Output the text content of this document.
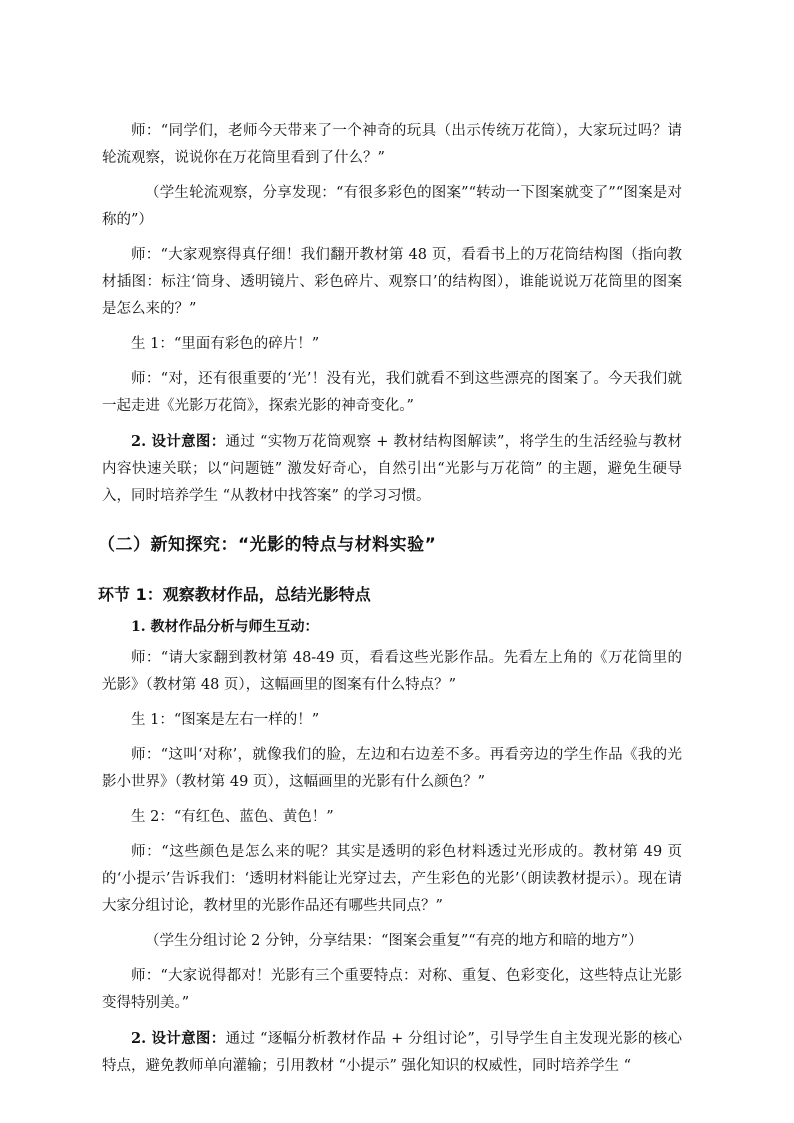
师：“同学们，老师今天带来了一个神奇的玩具（出示传统万花筒），大家玩过吗？请轮流观察，说说你在万花筒里看到了什么？”

（学生轮流观察，分享发现：“有很多彩色的图案”“转动一下图案就变了”“图案是对称的”）

师：“大家观察得真仔细！我们翻开教材第 48 页，看看书上的万花筒结构图（指向教材插图：标注‘筒身、透明镜片、彩色碎片、观察口’的结构图），谁能说说万花筒里的图案是怎么来的？”

生 1：“里面有彩色的碎片！”

师：“对，还有很重要的‘光’！没有光，我们就看不到这些漂亮的图案了。今天我们就一起走进《光影万花筒》，探索光影的神奇变化。”

2. 设计意图：通过 “实物万花筒观察 + 教材结构图解读”，将学生的生活经验与教材内容快速关联；以“问题链” 激发好奇心，自然引出“光影与万花筒” 的主题，避免生硬导入，同时培养学生 “从教材中找答案” 的学习习惯。

（二）新知探究：“光影的特点与材料实验”
环节 1：观察教材作品，总结光影特点

1. 教材作品分析与师生互动：

师：“请大家翻到教材第 48-49 页，看看这些光影作品。先看左上角的《万花筒里的光影》（教材第 48 页），这幅画里的图案有什么特点？”

生 1：“图案是左右一样的！”

师：“这叫‘对称’，就像我们的脸，左边和右边差不多。再看旁边的学生作品《我的光影小世界》（教材第 49 页），这幅画里的光影有什么颜色？”

生 2：“有红色、蓝色、黄色！”

师：“这些颜色是怎么来的呢？其实是透明的彩色材料透过光形成的。教材第 49 页的‘小提示’告诉我们：‘透明材料能让光穿过去，产生彩色的光影’（朗读教材提示）。现在请大家分组讨论，教材里的光影作品还有哪些共同点？”

（学生分组讨论 2 分钟，分享结果：“图案会重复”“有亮的地方和暗的地方”）

师：“大家说得都对！光影有三个重要特点：对称、重复、色彩变化，这些特点让光影变得特别美。”

2. 设计意图：通过 “逐幅分析教材作品 + 分组讨论”，引导学生自主发现光影的核心特点，避免教师单向灌输；引用教材 “小提示” 强化知识的权威性，同时培养学生 “
